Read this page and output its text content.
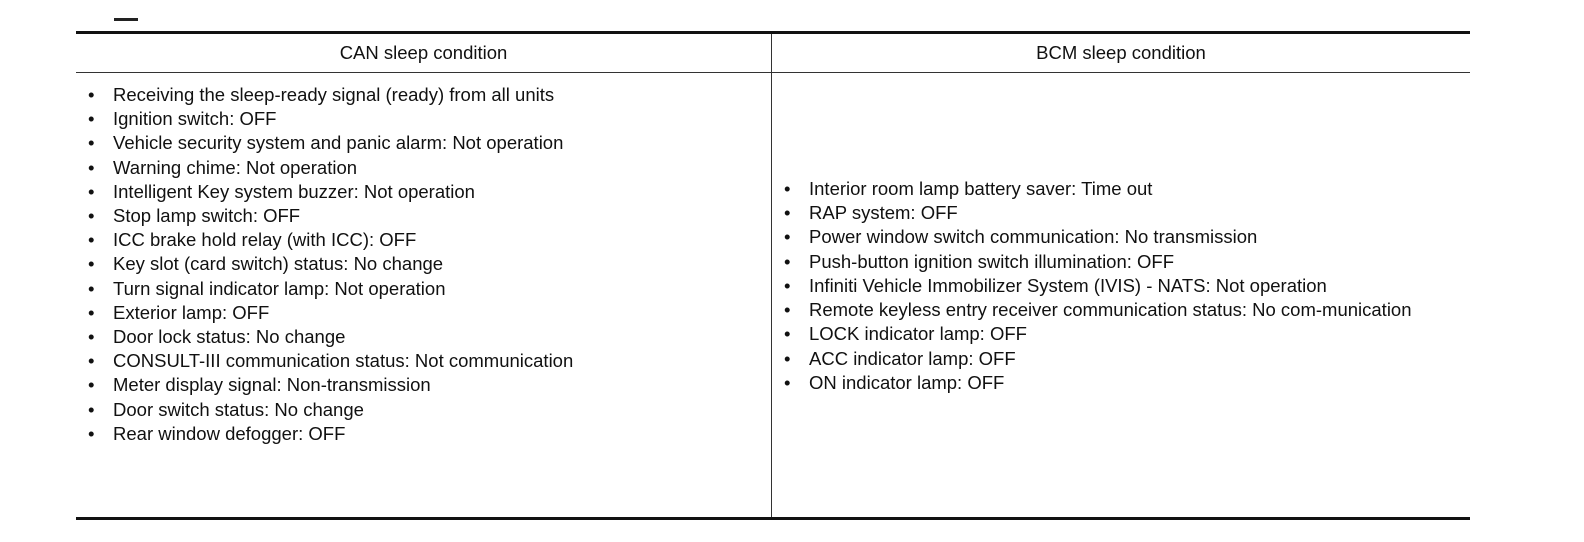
CAN sleep condition	BCM sleep condition
• Receiving the sleep-ready signal (ready) from all units
• Ignition switch: OFF
• Vehicle security system and panic alarm: Not operation
• Warning chime: Not operation
• Intelligent Key system buzzer: Not operation
• Stop lamp switch: OFF
• ICC brake hold relay (with ICC): OFF
• Key slot (card switch) status: No change
• Turn signal indicator lamp: Not operation
• Exterior lamp: OFF
• Door lock status: No change
• CONSULT-III communication status: Not communication
• Meter display signal: Non-transmission
• Door switch status: No change
• Rear window defogger: OFF
• Interior room lamp battery saver: Time out
• RAP system: OFF
• Power window switch communication: No transmission
• Push-button ignition switch illumination: OFF
• Infiniti Vehicle Immobilizer System (IVIS) - NATS: Not operation
• Remote keyless entry receiver communication status: No com-munication
• LOCK indicator lamp: OFF
• ACC indicator lamp: OFF
• ON indicator lamp: OFF
